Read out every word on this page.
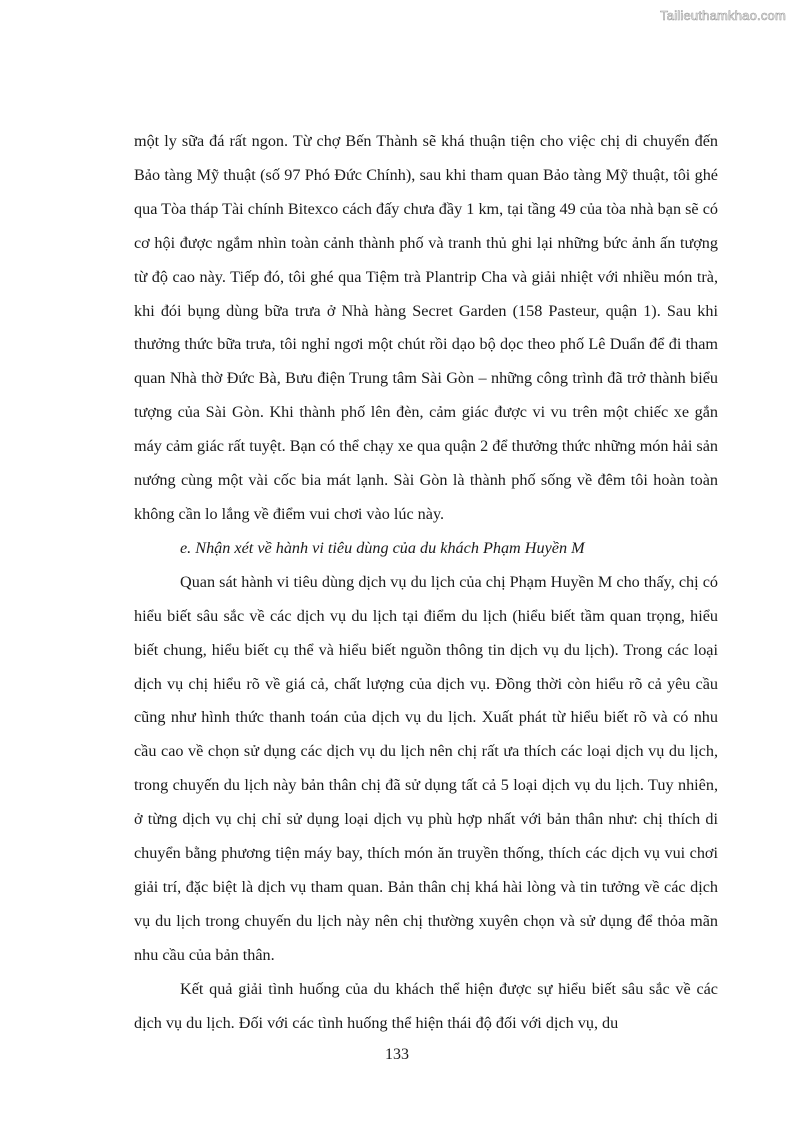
Tailieuthamkhao.com

một ly sữa đá rất ngon. Từ chợ Bến Thành sẽ khá thuận tiện cho việc chị di chuyển đến Bảo tàng Mỹ thuật (số 97 Phó Đức Chính), sau khi tham quan Bảo tàng Mỹ thuật, tôi ghé qua Tòa tháp Tài chính Bitexco cách đấy chưa đầy 1 km, tại tầng 49 của tòa nhà bạn sẽ có cơ hội được ngắm nhìn toàn cảnh thành phố và tranh thủ ghi lại những bức ảnh ấn tượng từ độ cao này. Tiếp đó, tôi ghé qua Tiệm trà Plantrip Cha và giải nhiệt với nhiều món trà, khi đói bụng dùng bữa trưa ở Nhà hàng Secret Garden (158 Pasteur, quận 1). Sau khi thưởng thức bữa trưa, tôi nghỉ ngơi một chút rồi dạo bộ dọc theo phố Lê Duẩn để đi tham quan Nhà thờ Đức Bà, Bưu điện Trung tâm Sài Gòn – những công trình đã trở thành biểu tượng của Sài Gòn. Khi thành phố lên đèn, cảm giác được vi vu trên một chiếc xe gắn máy cảm giác rất tuyệt. Bạn có thể chạy xe qua quận 2 để thưởng thức những món hải sản nướng cùng một vài cốc bia mát lạnh. Sài Gòn là thành phố sống về đêm tôi hoàn toàn không cần lo lắng về điểm vui chơi vào lúc này.

e. Nhận xét về hành vi tiêu dùng của du khách Phạm Huyền M

Quan sát hành vi tiêu dùng dịch vụ du lịch của chị Phạm Huyền M cho thấy, chị có hiểu biết sâu sắc về các dịch vụ du lịch tại điểm du lịch (hiểu biết tầm quan trọng, hiểu biết chung, hiểu biết cụ thể và hiểu biết nguồn thông tin dịch vụ du lịch). Trong các loại dịch vụ chị hiểu rõ về giá cả, chất lượng của dịch vụ. Đồng thời còn hiểu rõ cả yêu cầu cũng như hình thức thanh toán của dịch vụ du lịch. Xuất phát từ hiểu biết rõ và có nhu cầu cao về chọn sử dụng các dịch vụ du lịch nên chị rất ưa thích các loại dịch vụ du lịch, trong chuyến du lịch này bản thân chị đã sử dụng tất cả 5 loại dịch vụ du lịch. Tuy nhiên, ở từng dịch vụ chị chỉ sử dụng loại dịch vụ phù hợp nhất với bản thân như: chị thích di chuyển bằng phương tiện máy bay, thích món ăn truyền thống, thích các dịch vụ vui chơi giải trí, đặc biệt là dịch vụ tham quan. Bản thân chị khá hài lòng và tin tưởng về các dịch vụ du lịch trong chuyến du lịch này nên chị thường xuyên chọn và sử dụng để thỏa mãn nhu cầu của bản thân.

Kết quả giải tình huống của du khách thể hiện được sự hiểu biết sâu sắc về các dịch vụ du lịch. Đối với các tình huống thể hiện thái độ đối với dịch vụ, du

133
